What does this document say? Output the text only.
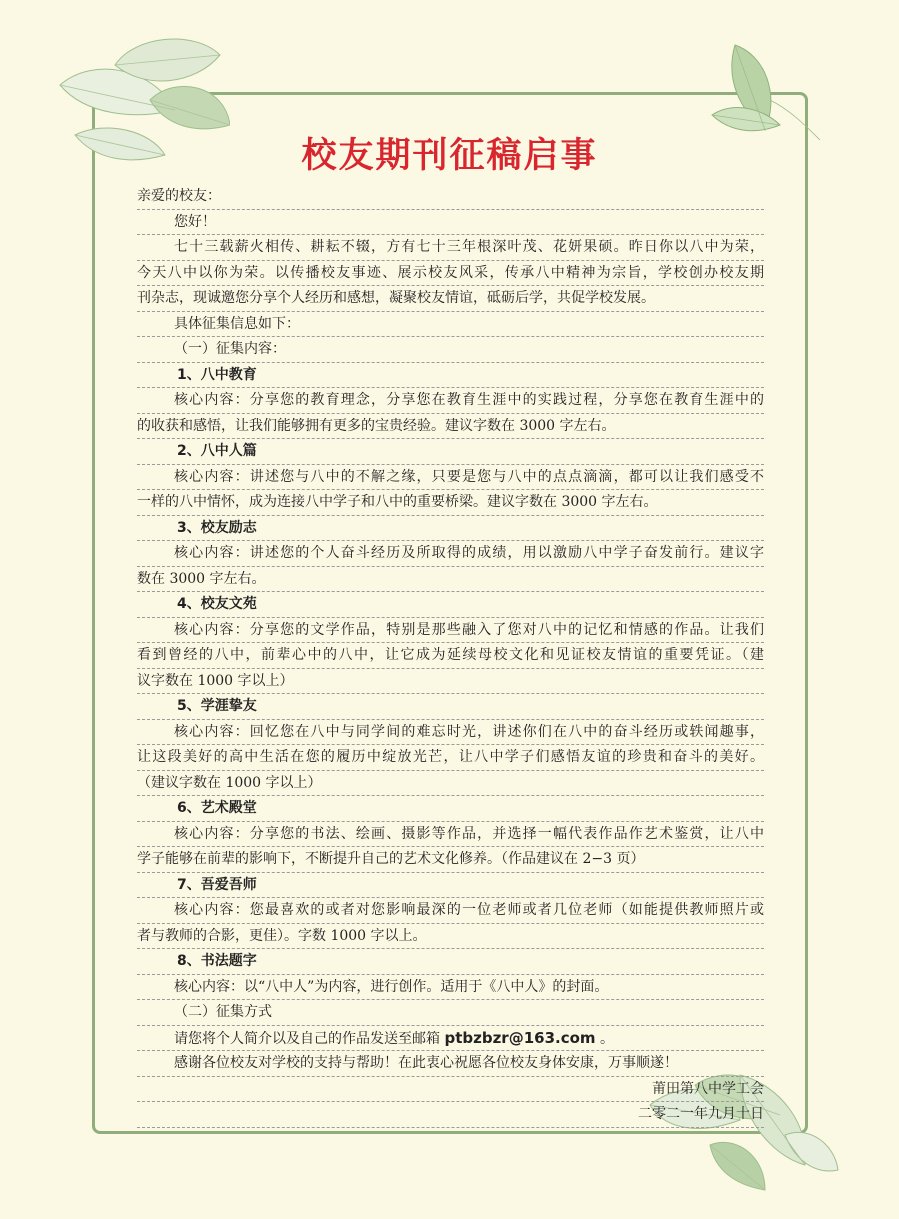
校友期刊征稿启事
亲爱的校友：
您好！
七十三载薪火相传、耕耘不辍，方有七十三年根深叶茂、花妍果硕。昨日你以八中为荣，
今天八中以你为荣。以传播校友事迹、展示校友风采，传承八中精神为宗旨，学校创办校友期
刊杂志，现诚邀您分享个人经历和感想，凝聚校友情谊，砥砺后学，共促学校发展。
具体征集信息如下：
（一）征集内容：
1、八中教育
核心内容：分享您的教育理念，分享您在教育生涯中的实践过程，分享您在教育生涯中的
的收获和感悟，让我们能够拥有更多的宝贵经验。建议字数在 3000 字左右。
2、八中人篇
核心内容：讲述您与八中的不解之缘，只要是您与八中的点点滴滴，都可以让我们感受不
一样的八中情怀，成为连接八中学子和八中的重要桥梁。建议字数在 3000 字左右。
3、校友励志
核心内容：讲述您的个人奋斗经历及所取得的成绩，用以激励八中学子奋发前行。建议字
数在 3000 字左右。
4、校友文苑
核心内容：分享您的文学作品，特别是那些融入了您对八中的记忆和情感的作品。让我们
看到曾经的八中，前辈心中的八中，让它成为延续母校文化和见证校友情谊的重要凭证。（建
议字数在 1000 字以上）
5、学涯挚友
核心内容：回忆您在八中与同学间的难忘时光，讲述你们在八中的奋斗经历或轶闻趣事，
让这段美好的高中生活在您的履历中绽放光芒，让八中学子们感悟友谊的珍贵和奋斗的美好。
（建议字数在 1000 字以上）
6、艺术殿堂
核心内容：分享您的书法、绘画、摄影等作品，并选择一幅代表作品作艺术鉴赏，让八中
学子能够在前辈的影响下，不断提升自己的艺术文化修养。（作品建议在 2−3 页）
7、吾爱吾师
核心内容：您最喜欢的或者对您影响最深的一位老师或者几位老师（如能提供教师照片或
者与教师的合影，更佳）。字数 1000 字以上。
8、书法题字
核心内容：以“八中人”为内容，进行创作。适用于《八中人》的封面。
（二）征集方式
请您将个人简介以及自己的作品发送至邮箱 ptbzbzr@163.com 。
感谢各位校友对学校的支持与帮助！在此衷心祝愿各位校友身体安康，万事顺遂！
莆田第八中学工会
二零二一年九月十日
